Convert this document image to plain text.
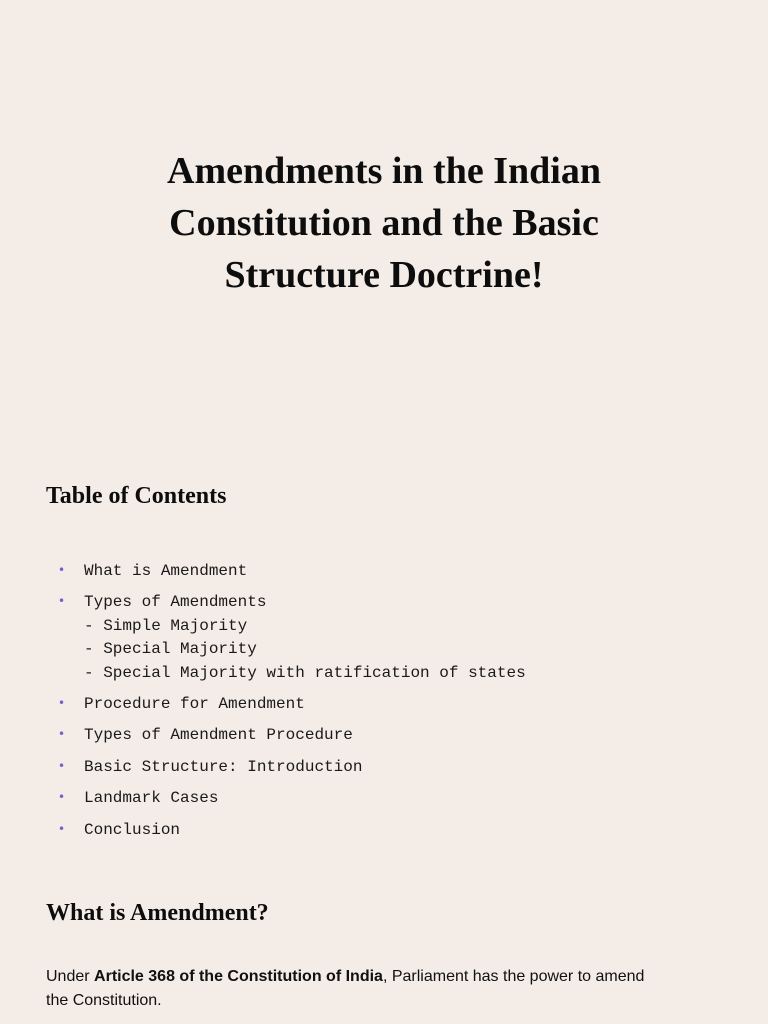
Amendments in the Indian
Constitution and the Basic
Structure Doctrine!
Table of Contents
• What is Amendment
• Types of Amendments
- Simple Majority
- Special Majority
- Special Majority with ratification of states
• Procedure for Amendment
• Types of Amendment Procedure
• Basic Structure: Introduction
• Landmark Cases
• Conclusion
What is Amendment?

Under Article 368 of the Constitution of India, Parliament has the power to amend the Constitution.
